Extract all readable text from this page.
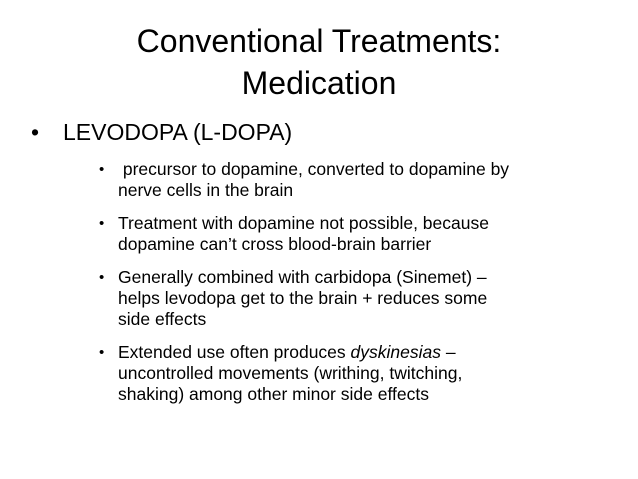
Conventional Treatments:
Medication
• LEVODOPA (L-DOPA)
• precursor to dopamine, converted to dopamine by
nerve cells in the brain
• Treatment with dopamine not possible, because
dopamine can’t cross blood-brain barrier
• Generally combined with carbidopa (Sinemet) –
helps levodopa get to the brain + reduces some
side effects
• Extended use often produces dyskinesias –
uncontrolled movements (writhing, twitching,
shaking) among other minor side effects
